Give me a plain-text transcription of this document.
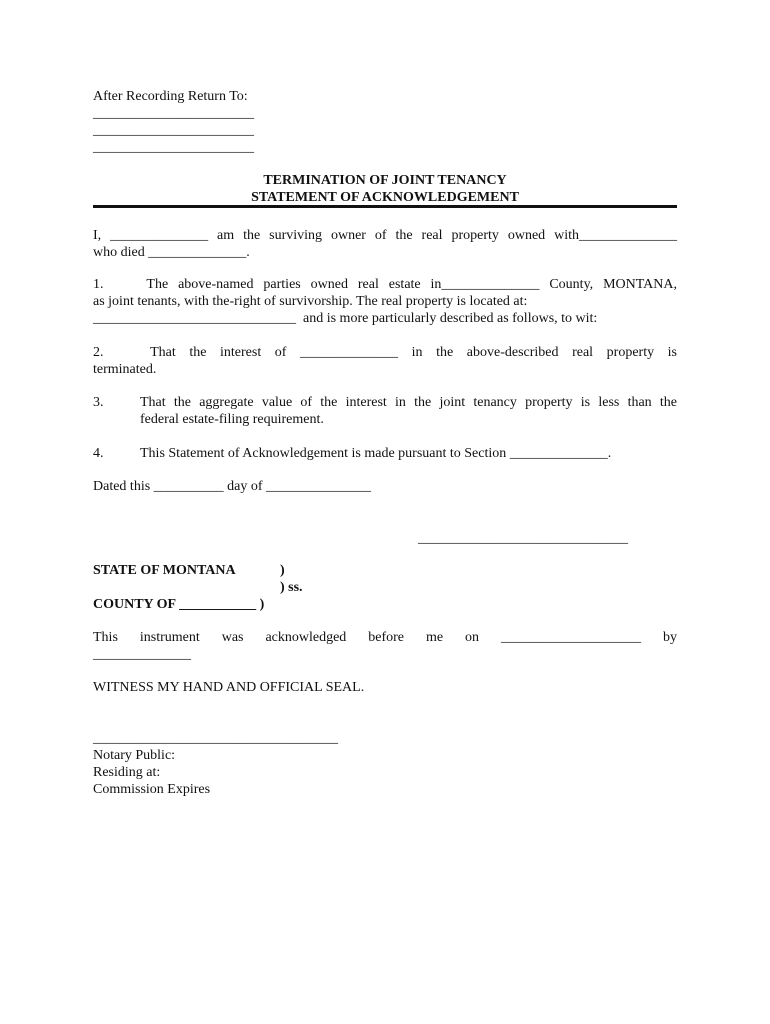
After Recording Return To:
_______________________
_______________________
_______________________
TERMINATION OF JOINT TENANCY
STATEMENT OF ACKNOWLEDGEMENT
I, ______________ am the surviving owner of the real property owned with______________
who died ______________.
1.		The above-named parties owned real estate in______________ County, MONTANA,
as joint tenants, with the-right of survivorship. The real property is located at:
_____________________________  and is more particularly described as follows, to wit:
2.		That the interest of ______________ in the above-described real property is
terminated.
3.	That the aggregate value of the interest in the joint tenancy property is less than the
federal estate-filing requirement.
4.	This Statement of Acknowledgement is made pursuant to Section ______________.
Dated this __________ day of _______________
______________________________
STATE OF MONTANA	)
) ss.
COUNTY OF ___________ )
This instrument was acknowledged before me on ____________________ by
______________
WITNESS MY HAND AND OFFICIAL SEAL.
___________________________________
Notary Public:
Residing at:
Commission Expires
